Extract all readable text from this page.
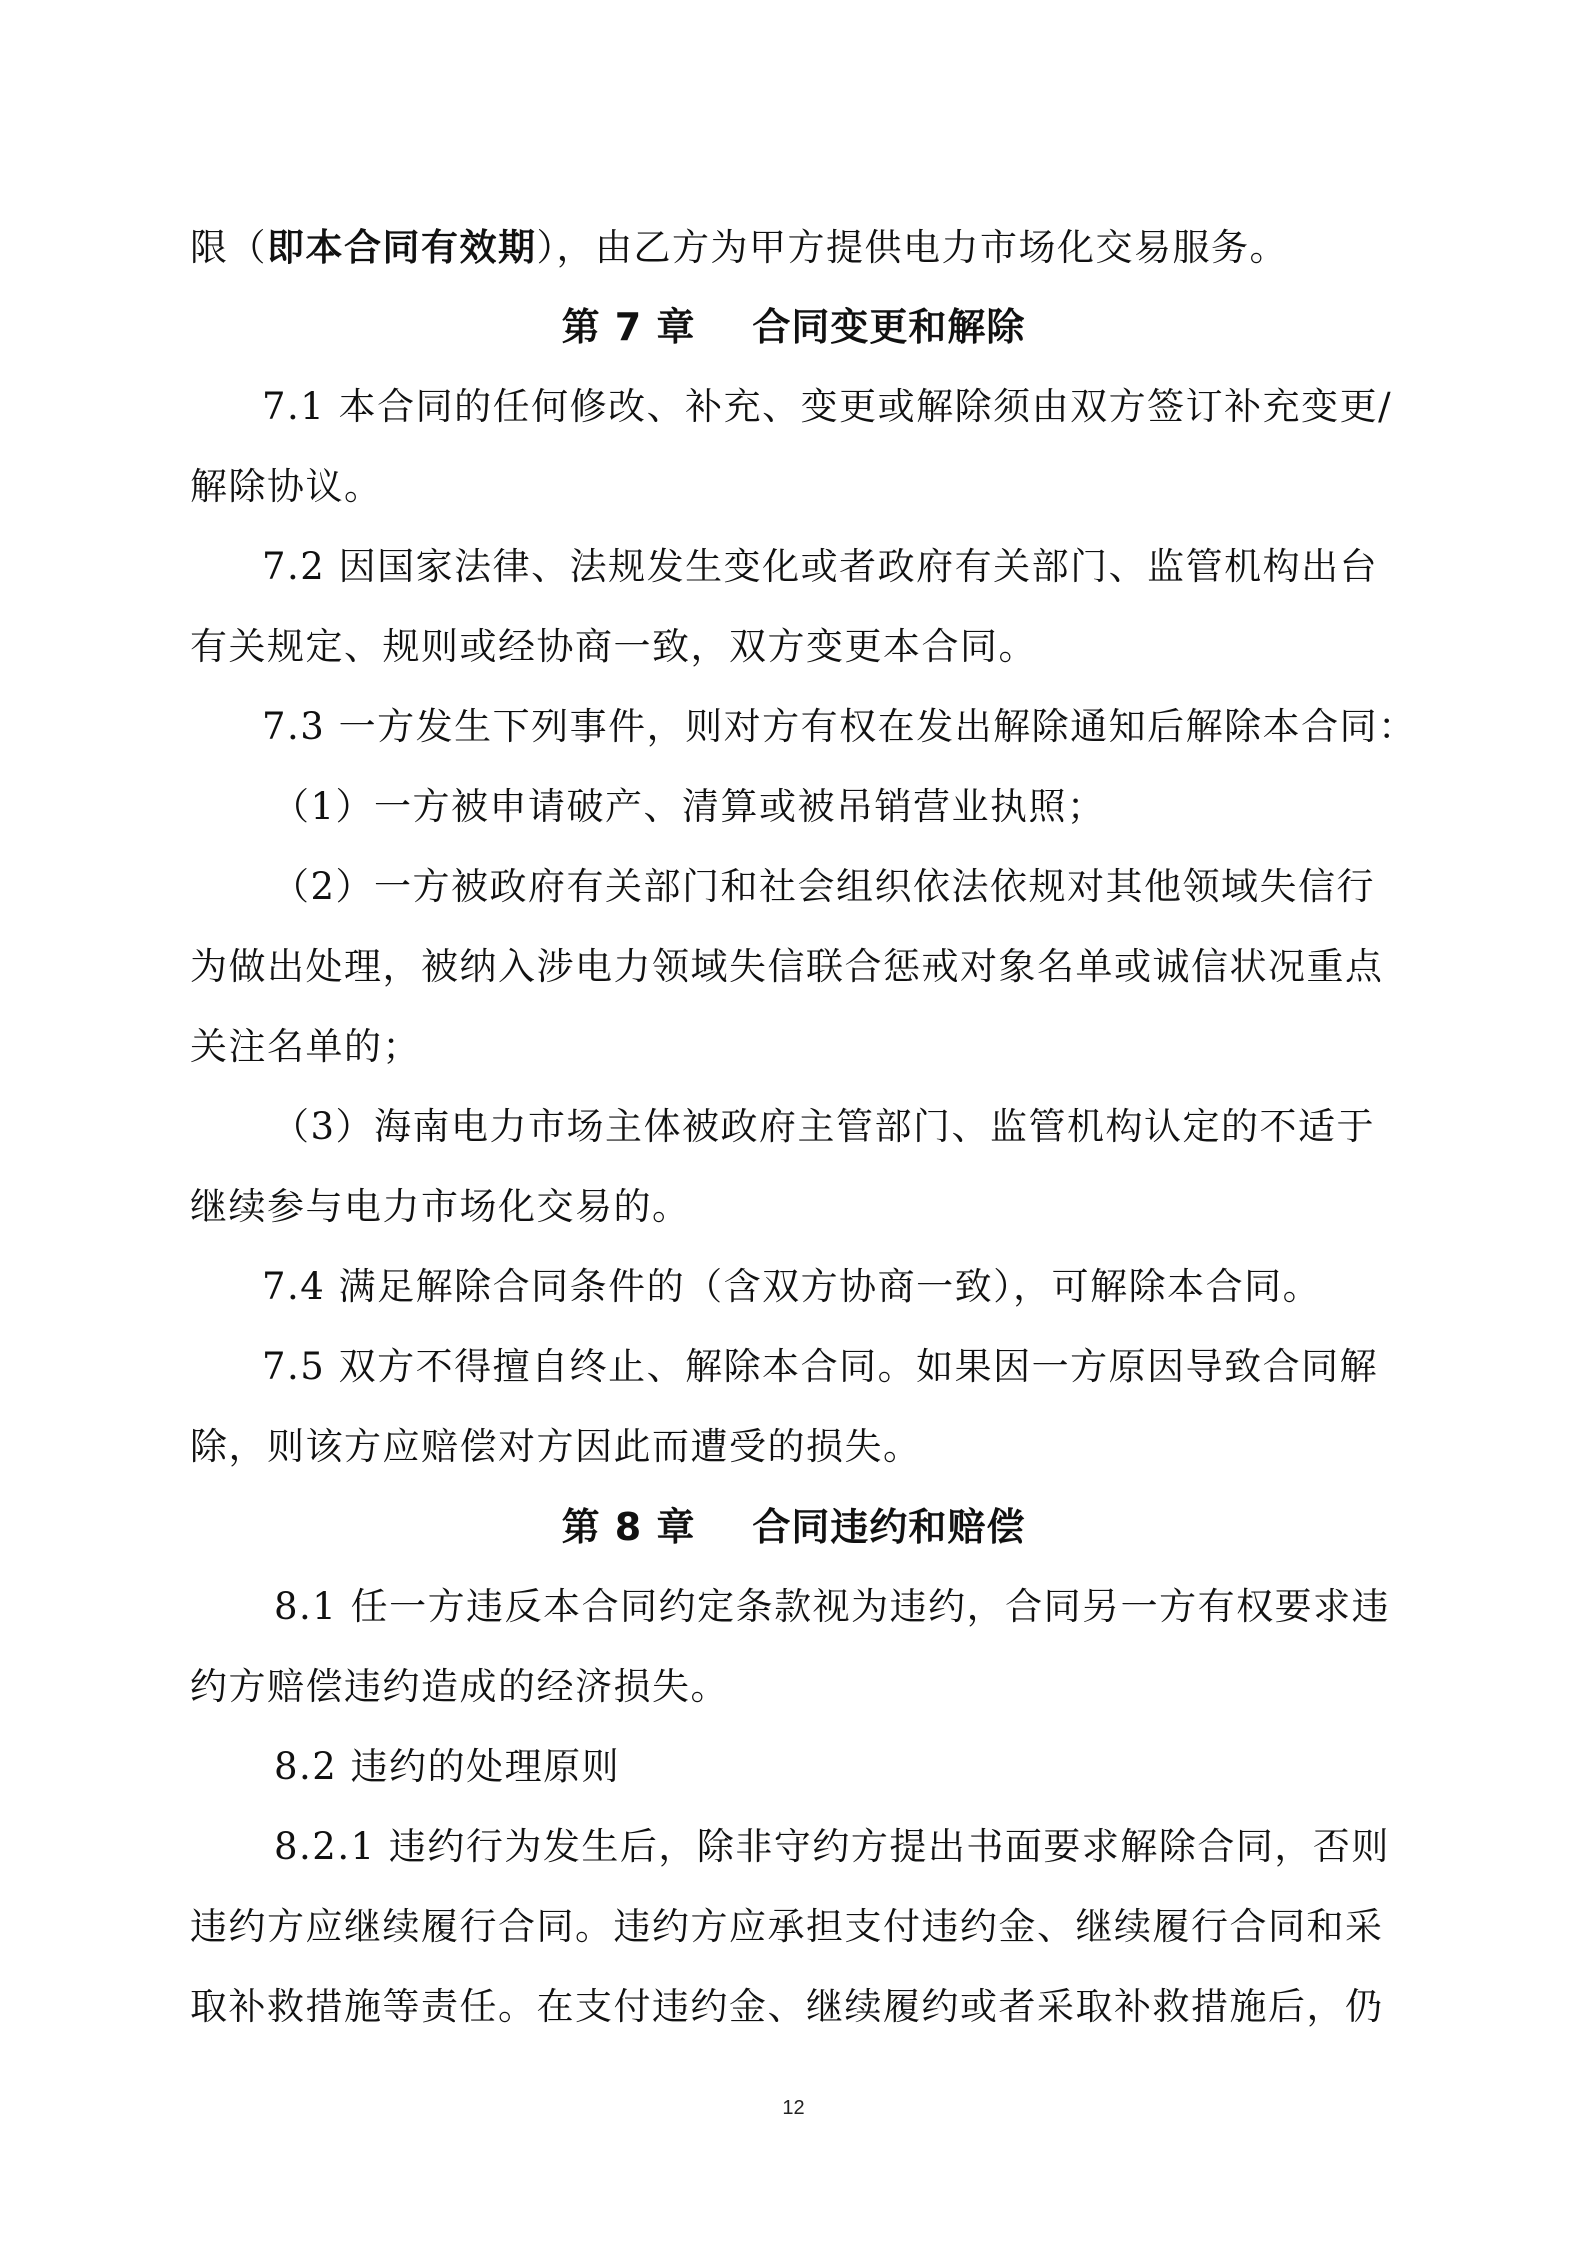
限（即本合同有效期），由乙方为甲方提供电力市场化交易服务。
第 7 章    合同变更和解除
7.1 本合同的任何修改、补充、变更或解除须由双方签订补充变更/
解除协议。
7.2 因国家法律、法规发生变化或者政府有关部门、监管机构出台
有关规定、规则或经协商一致，双方变更本合同。
7.3 一方发生下列事件，则对方有权在发出解除通知后解除本合同：
（1）一方被申请破产、清算或被吊销营业执照；
（2）一方被政府有关部门和社会组织依法依规对其他领域失信行
为做出处理，被纳入涉电力领域失信联合惩戒对象名单或诚信状况重点
关注名单的；
（3）海南电力市场主体被政府主管部门、监管机构认定的不适于
继续参与电力市场化交易的。
7.4 满足解除合同条件的（含双方协商一致），可解除本合同。
7.5 双方不得擅自终止、解除本合同。如果因一方原因导致合同解
除，则该方应赔偿对方因此而遭受的损失。
第 8 章    合同违约和赔偿
8.1 任一方违反本合同约定条款视为违约，合同另一方有权要求违
约方赔偿违约造成的经济损失。
8.2 违约的处理原则
8.2.1 违约行为发生后，除非守约方提出书面要求解除合同，否则
违约方应继续履行合同。违约方应承担支付违约金、继续履行合同和采
取补救措施等责任。在支付违约金、继续履约或者采取补救措施后，仍
12
